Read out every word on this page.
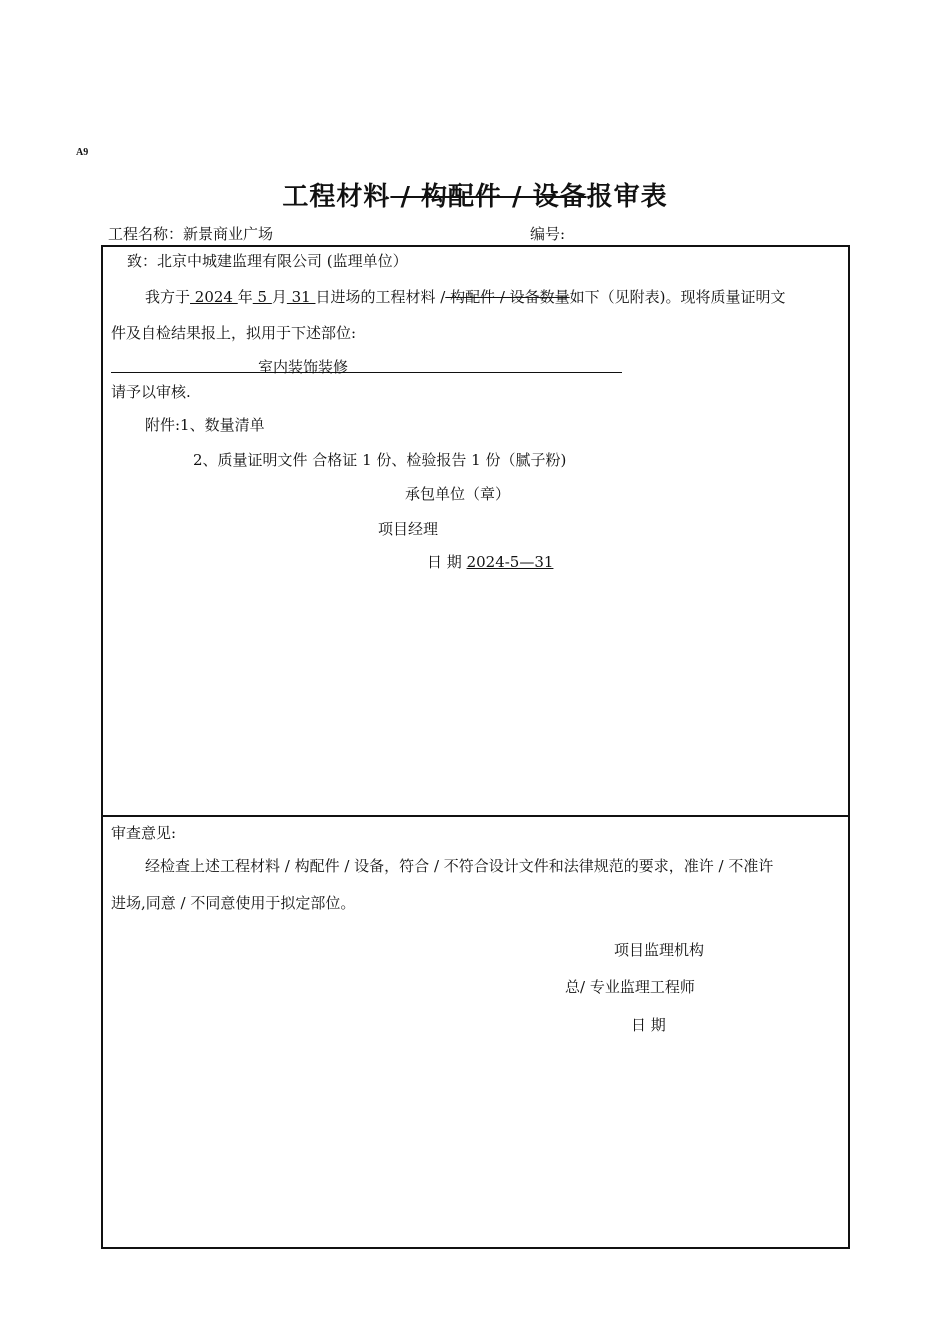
A9
工程材料 / 构配件 / 设备报审表
工程名称：新景商业广场	编号:
致：北京中城建监理有限公司 (监理单位）
我方于 2024 年 5 月 31 日进场的工程材料 / 构配件 / 设备数量如下（见附表)。现将质量证明文
件及自检结果报上，拟用于下述部位:
室内装饰装修
请予以审核.
附件:1、数量清单
2、质量证明文件 合格证 1 份、检验报告 1 份（腻子粉)
承包单位（章）
项目经理
日 期 2024-5—31
审查意见:
经检查上述工程材料 / 构配件 / 设备，符合 / 不符合设计文件和法律规范的要求，准许 / 不准许
进场,同意 / 不同意使用于拟定部位。
项目监理机构
总/ 专业监理工程师
日 期
